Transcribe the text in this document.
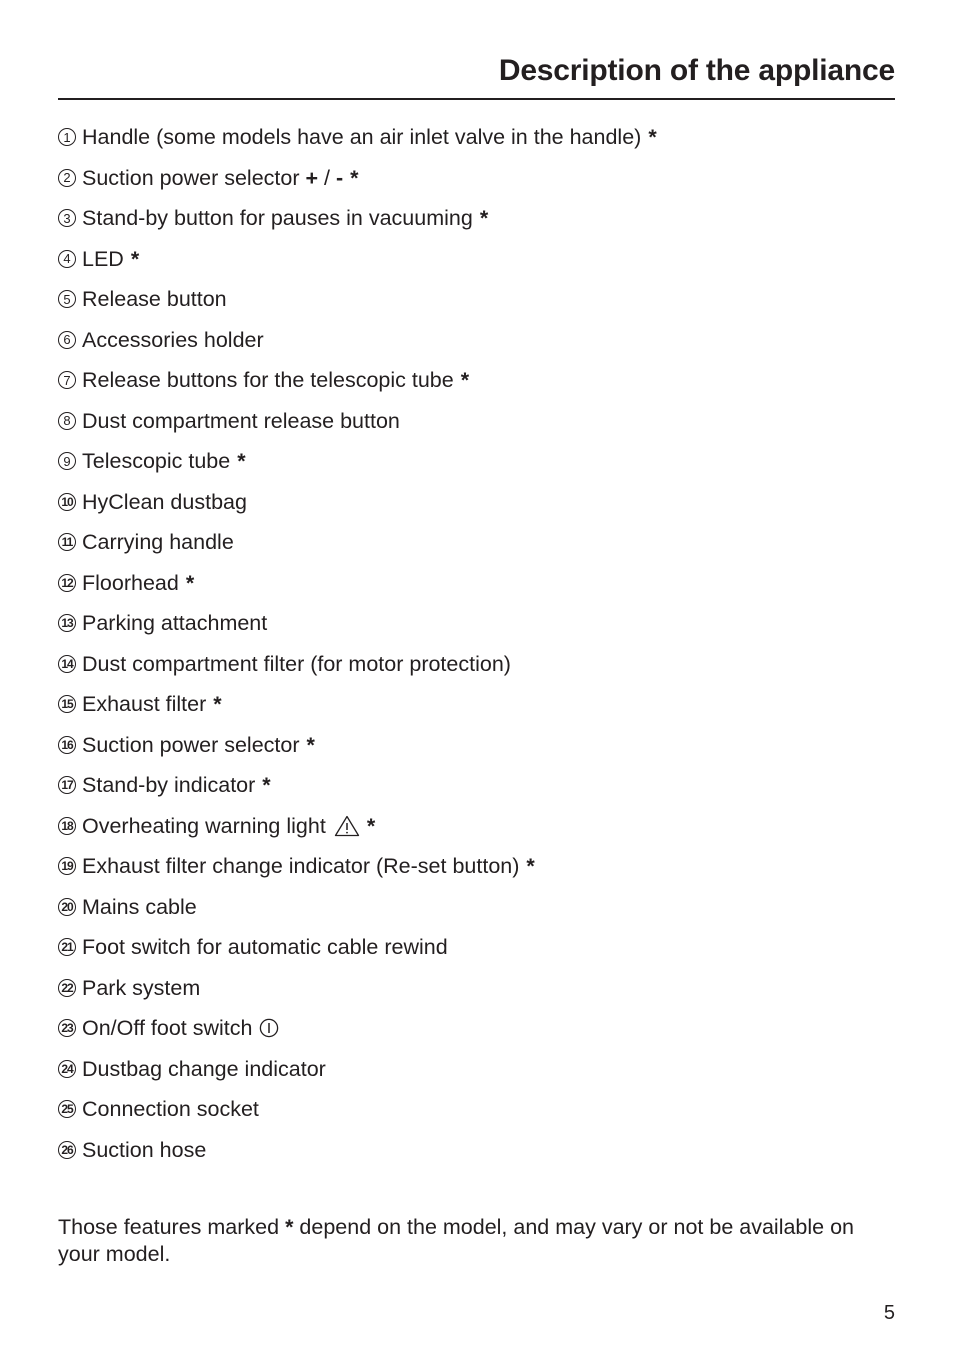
Description of the appliance
1 Handle (some models have an air inlet valve in the handle) *
2 Suction power selector + / - *
3 Stand-by button for pauses in vacuuming *
4 LED *
5 Release button
6 Accessories holder
7 Release buttons for the telescopic tube *
8 Dust compartment release button
9 Telescopic tube *
10 HyClean dustbag
11 Carrying handle
12 Floorhead *
13 Parking attachment
14 Dust compartment filter (for motor protection)
15 Exhaust filter *
16 Suction power selector *
17 Stand-by indicator *
18 Overheating warning light *
19 Exhaust filter change indicator (Re-set button) *
20 Mains cable
21 Foot switch for automatic cable rewind
22 Park system
23 On/Off foot switch
24 Dustbag change indicator
25 Connection socket
26 Suction hose

Those features marked * depend on the model, and may vary or not be available on your model.

5
